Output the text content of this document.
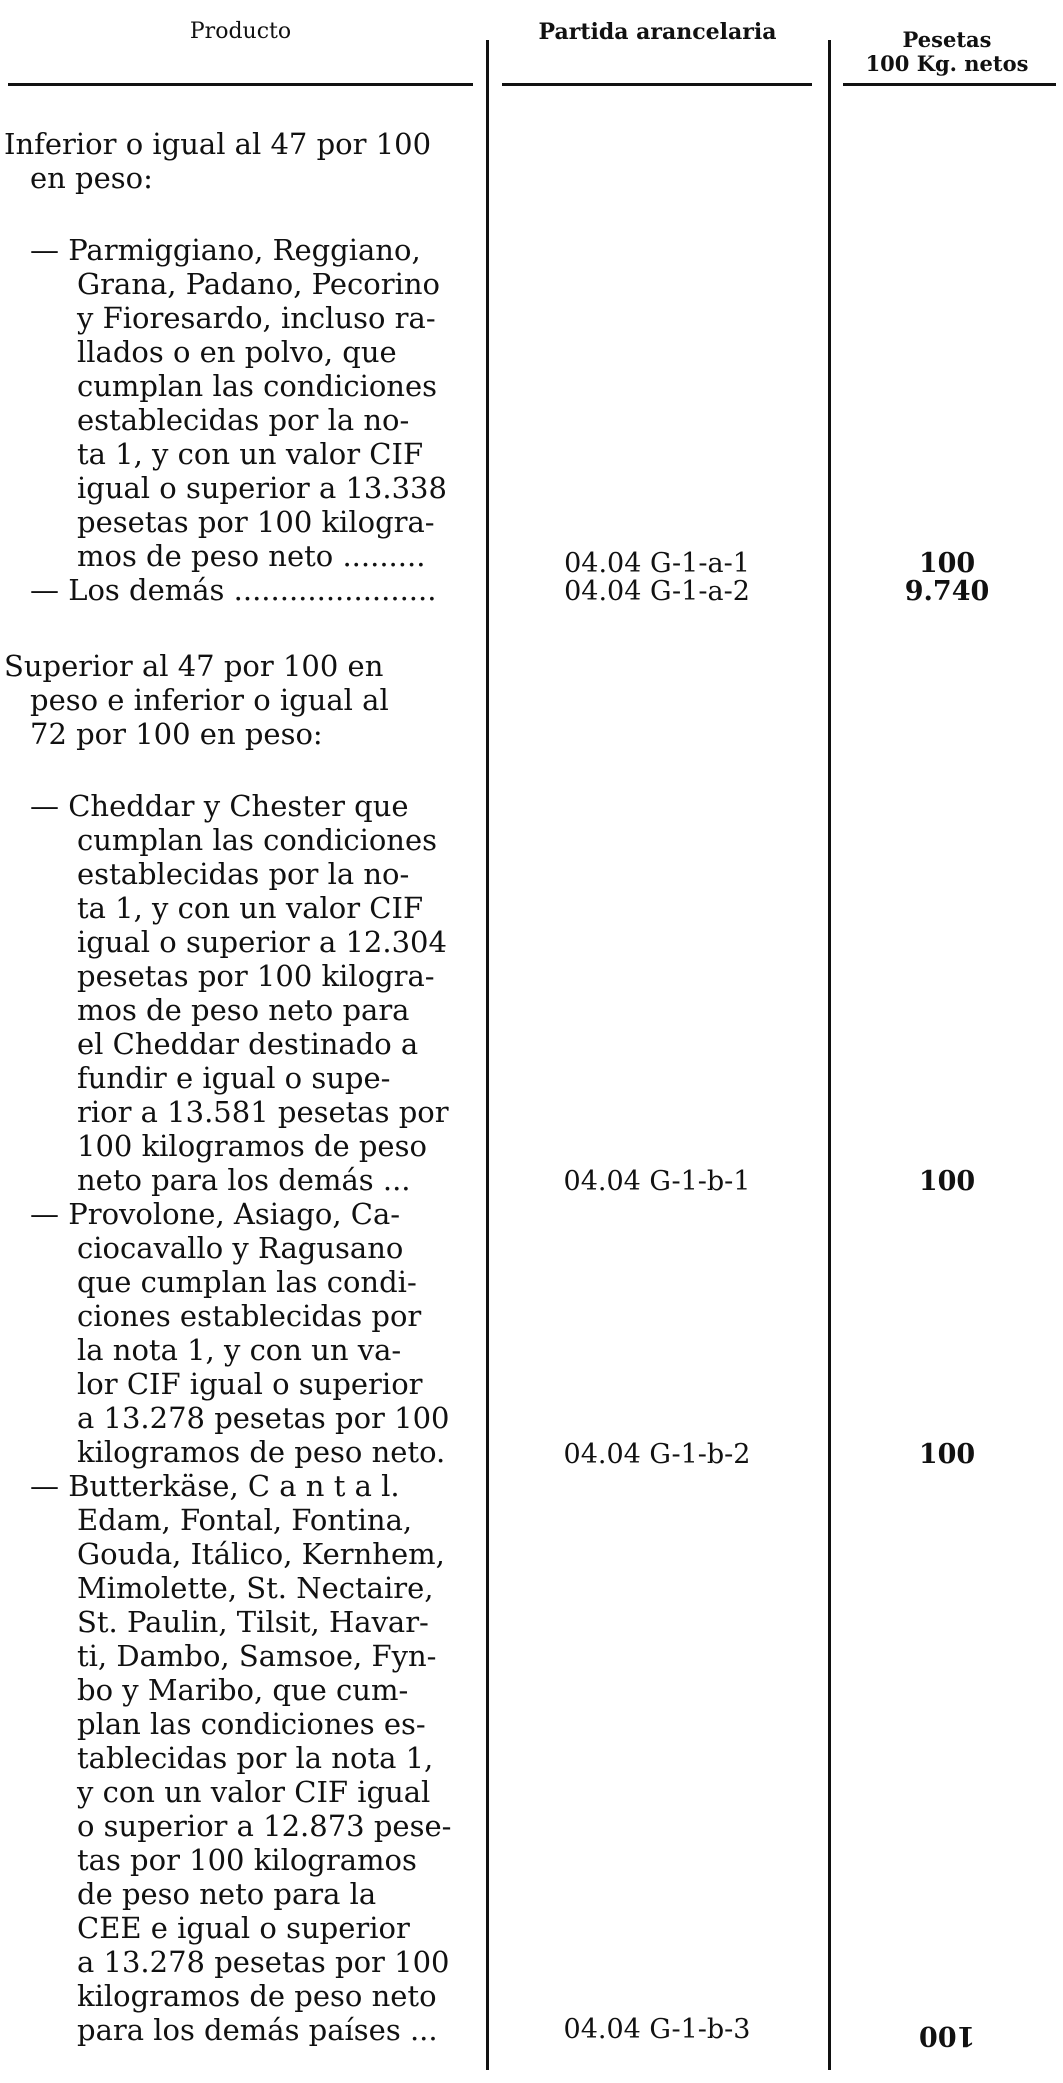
Producto	Partida arancelaria	Pesetas
100 Kg. netos
Inferior o igual al 47 por 100
en peso:
— Parmiggiano, Reggiano,
Grana, Padano, Pecorino
y Fioresardo, incluso ra-
llados o en polvo, que
cumplan las condiciones
establecidas por la no-
ta 1, y con un valor CIF
igual o superior a 13.338
pesetas por 100 kilogra-
mos de peso neto .........	04.04 G-1-a-1	100
— Los demás ......................	04.04 G-1-a-2	9.740
Superior al 47 por 100 en
peso e inferior o igual al
72 por 100 en peso:
— Cheddar y Chester que
cumplan las condiciones
establecidas por la no-
ta 1, y con un valor CIF
igual o superior a 12.304
pesetas por 100 kilogra-
mos de peso neto para
el Cheddar destinado a
fundir e igual o supe-
rior a 13.581 pesetas por
100 kilogramos de peso
neto para los demás ...	04.04 G-1-b-1	100
— Provolone, Asiago, Ca-
ciocavallo y Ragusano
que cumplan las condi-
ciones establecidas por
la nota 1, y con un va-
lor CIF igual o superior
a 13.278 pesetas por 100
kilogramos de peso neto.	04.04 G-1-b-2	100
— Butterkäse, C a n t a l.
Edam, Fontal, Fontina,
Gouda, Itálico, Kernhem,
Mimolette, St. Nectaire,
St. Paulin, Tilsit, Havar-
ti, Dambo, Samsoe, Fyn-
bo y Maribo, que cum-
plan las condiciones es-
tablecidas por la nota 1,
y con un valor CIF igual
o superior a 12.873 pese-
tas por 100 kilogramos
de peso neto para la
CEE e igual o superior
a 13.278 pesetas por 100
kilogramos de peso neto
para los demás países ...	04.04 G-1-b-3	100
